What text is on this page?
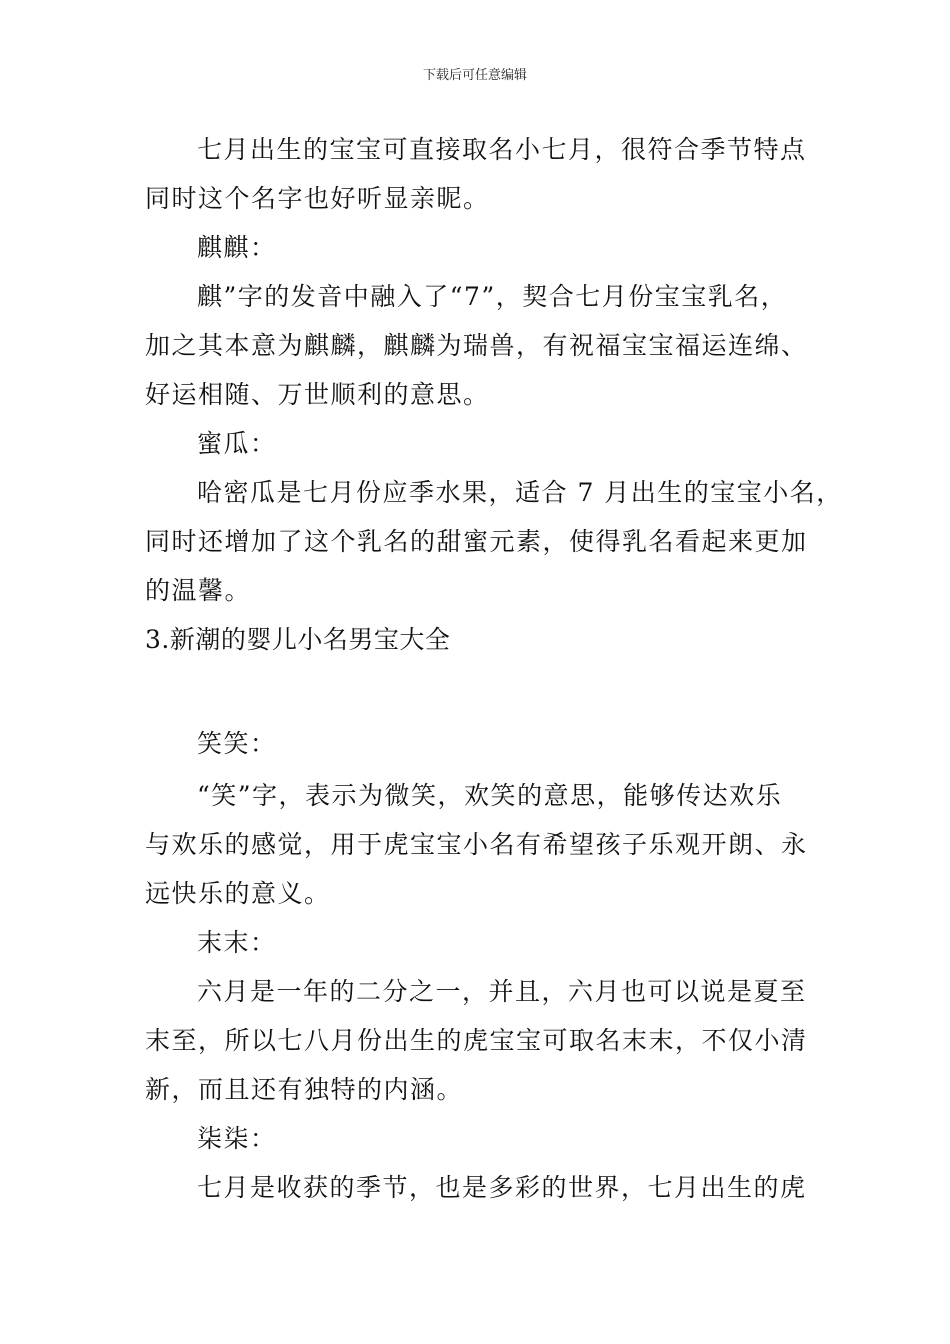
下载后可任意编辑
七月出生的宝宝可直接取名小七月，很符合季节特点
同时这个名字也好听显亲昵。
麒麒：
麒”字的发音中融入了“7”，契合七月份宝宝乳名，
加之其本意为麒麟，麒麟为瑞兽，有祝福宝宝福运连绵、
好运相随、万世顺利的意思。
蜜瓜：
哈密瓜是七月份应季水果，适合 7 月出生的宝宝小名，
同时还增加了这个乳名的甜蜜元素，使得乳名看起来更加
的温馨。
3.新潮的婴儿小名男宝大全
笑笑：
“笑”字，表示为微笑，欢笑的意思，能够传达欢乐
与欢乐的感觉，用于虎宝宝小名有希望孩子乐观开朗、永
远快乐的意义。
末末：
六月是一年的二分之一，并且，六月也可以说是夏至
末至，所以七八月份出生的虎宝宝可取名末末，不仅小清
新，而且还有独特的内涵。
柒柒：
七月是收获的季节，也是多彩的世界，七月出生的虎
